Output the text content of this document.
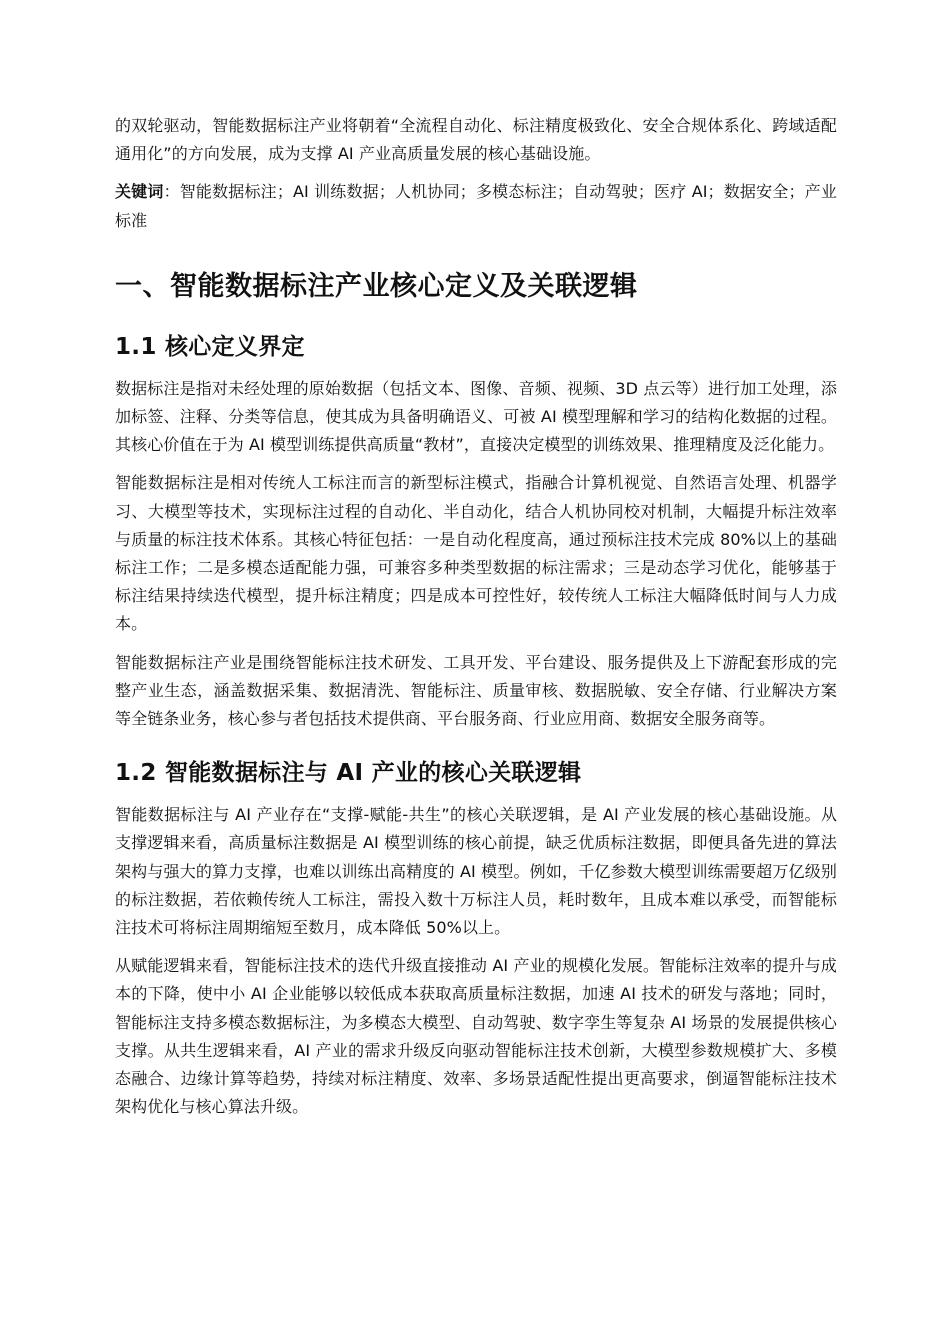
的双轮驱动，智能数据标注产业将朝着“全流程自动化、标注精度极致化、安全合规体系化、跨域适配通用化”的方向发展，成为支撑 AI 产业高质量发展的核心基础设施。

关键词：智能数据标注；AI 训练数据；人机协同；多模态标注；自动驾驶；医疗 AI；数据安全；产业标准

一、智能数据标注产业核心定义及关联逻辑
1.1 核心定义界定

数据标注是指对未经处理的原始数据（包括文本、图像、音频、视频、3D 点云等）进行加工处理，添加标签、注释、分类等信息，使其成为具备明确语义、可被 AI 模型理解和学习的结构化数据的过程。其核心价值在于为 AI 模型训练提供高质量“教材”，直接决定模型的训练效果、推理精度及泛化能力。

智能数据标注是相对传统人工标注而言的新型标注模式，指融合计算机视觉、自然语言处理、机器学习、大模型等技术，实现标注过程的自动化、半自动化，结合人机协同校对机制，大幅提升标注效率与质量的标注技术体系。其核心特征包括：一是自动化程度高，通过预标注技术完成 80%以上的基础标注工作；二是多模态适配能力强，可兼容多种类型数据的标注需求；三是动态学习优化，能够基于标注结果持续迭代模型，提升标注精度；四是成本可控性好，较传统人工标注大幅降低时间与人力成本。

智能数据标注产业是围绕智能标注技术研发、工具开发、平台建设、服务提供及上下游配套形成的完整产业生态，涵盖数据采集、数据清洗、智能标注、质量审核、数据脱敏、安全存储、行业解决方案等全链条业务，核心参与者包括技术提供商、平台服务商、行业应用商、数据安全服务商等。

1.2 智能数据标注与 AI 产业的核心关联逻辑

智能数据标注与 AI 产业存在“支撑-赋能-共生”的核心关联逻辑，是 AI 产业发展的核心基础设施。从支撑逻辑来看，高质量标注数据是 AI 模型训练的核心前提，缺乏优质标注数据，即便具备先进的算法架构与强大的算力支撑，也难以训练出高精度的 AI 模型。例如，千亿参数大模型训练需要超万亿级别的标注数据，若依赖传统人工标注，需投入数十万标注人员，耗时数年，且成本难以承受，而智能标注技术可将标注周期缩短至数月，成本降低 50%以上。

从赋能逻辑来看，智能标注技术的迭代升级直接推动 AI 产业的规模化发展。智能标注效率的提升与成本的下降，使中小 AI 企业能够以较低成本获取高质量标注数据，加速 AI 技术的研发与落地；同时，智能标注支持多模态数据标注，为多模态大模型、自动驾驶、数字孪生等复杂 AI 场景的发展提供核心支撑。从共生逻辑来看，AI 产业的需求升级反向驱动智能标注技术创新，大模型参数规模扩大、多模态融合、边缘计算等趋势，持续对标注精度、效率、多场景适配性提出更高要求，倒逼智能标注技术架构优化与核心算法升级。
